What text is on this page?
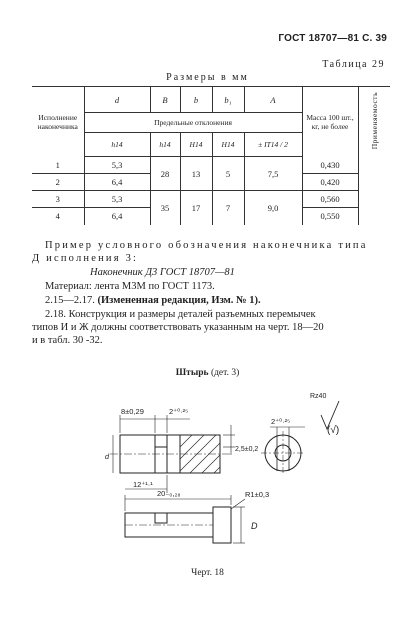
ГОСТ 18707—81 С. 39
Таблица 29
Размеры в мм
Исполнение наконечника	d	B	b	b₁	A	Масса 100 шт., кг, не более	Применяемость
	Предельные отклонения						
	h14	h14	H14	H14	± IT14 / 2		
1	5,3	28	13	5	7,5	0,430	
2	6,4					0,420	
3	5,3	35	17	7	9,0	0,560	
4	6,4					0,550	
Пример условного обозначения наконечника типа
Д исполнения 3:
Наконечник Д3 ГОСТ 18707—81
Материал: лента М3М по ГОСТ 1173.
2.15—2.17. (Измененная редакция, Изм. № 1).
2.18. Конструкция и размеры деталей разъемных перемычек
типов И и Ж должны соответствовать указанным на черт. 18—20
и в табл. 30 -32.
Штырь (дет. 3)
d
8±0,29	2⁺⁰·²⁵
2,5±0,2
12⁺¹·¹
2⁺⁰·²⁵
Rz40
(√)
20₋₀,₂₈	R1±0,3
D
Черт. 18
